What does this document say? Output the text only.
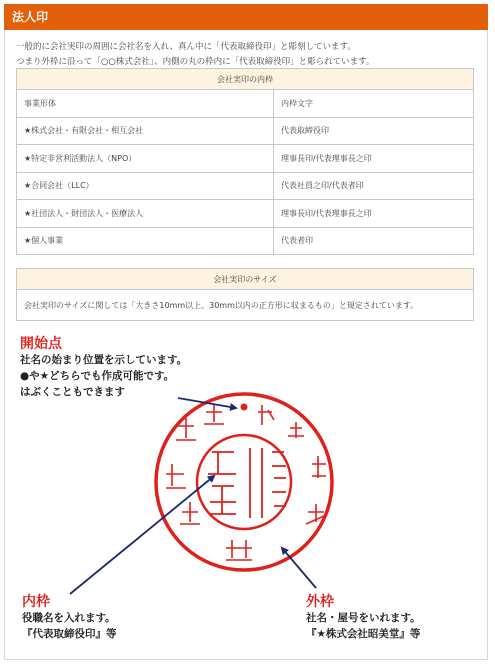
法人印
一般的に会社実印の周囲に会社名を入れ、真ん中に「代表取締役印」と彫刻しています。
つまり外枠に沿って「○○株式会社」、内側の丸の枠内に「代表取締役印」と彫られています。
会社実印の内枠	
事業形体	内枠文字
★株式会社・有限会社・相互会社	代表取締役印
★特定非営利活動法人（NPO）	理事長印/代表理事長之印
★合同会社（LLC）	代表社員之印/代表者印
★社団法人・財団法人・医療法人	理事長印/代表理事長之印
★個人事業	代表者印
会社実印のサイズ
会社実印のサイズに関しては「大きさ10mm以上、30mm以内の正方形に収まるもの」と規定されています。
開始点
社名の始まり位置を示しています。
●や★どちらでも作成可能です。
はぶくこともできます
内枠
役職名を入れます。
『代表取締役印』等
外枠
社名・屋号をいれます。
『★株式会社昭美堂』等
